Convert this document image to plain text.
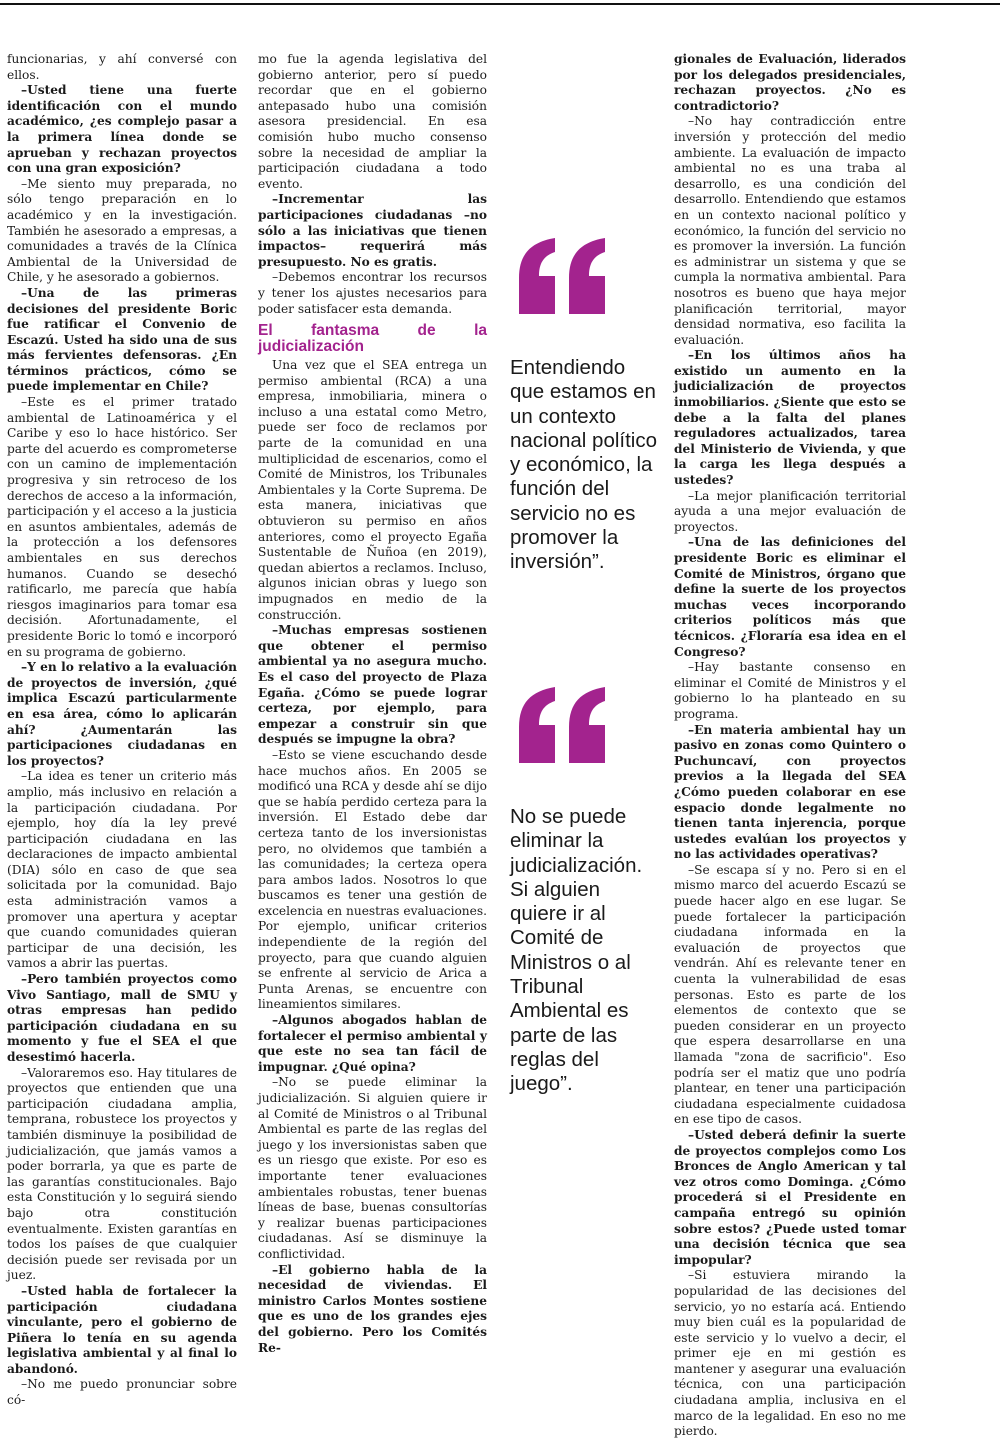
funcionarias, y ahí conversé con ellos.

–Usted tiene una fuerte identificación con el mundo académico, ¿es complejo pasar a la primera línea donde se aprueban y rechazan proyectos con una gran exposición?

–Me siento muy preparada, no sólo tengo preparación en lo académico y en la investigación. También he asesorado a empresas, a comunidades a través de la Clínica Ambiental de la Universidad de Chile, y he asesorado a gobiernos.

–Una de las primeras decisiones del presidente Boric fue ratificar el Convenio de Escazú. Usted ha sido una de sus más fervientes defensoras. ¿En términos prácticos, cómo se puede implementar en Chile?

–Este es el primer tratado ambiental de Latinoamérica y el Caribe y eso lo hace histórico. Ser parte del acuerdo es comprometerse con un camino de implementación progresiva y sin retroceso de los derechos de acceso a la información, participación y el acceso a la justicia en asuntos ambientales, además de la protección a los defensores ambientales en sus derechos humanos. Cuando se desechó ratificarlo, me parecía que había riesgos imaginarios para tomar esa decisión. Afortunadamente, el presidente Boric lo tomó e incorporó en su programa de gobierno.

–Y en lo relativo a la evaluación de proyectos de inversión, ¿qué implica Escazú particularmente en esa área, cómo lo aplicarán ahí? ¿Aumentarán las participaciones ciudadanas en los proyectos?

–La idea es tener un criterio más amplio, más inclusivo en relación a la participación ciudadana. Por ejemplo, hoy día la ley prevé participación ciudadana en las declaraciones de impacto ambiental (DIA) sólo en caso de que sea solicitada por la comunidad. Bajo esta administración vamos a promover una apertura y aceptar que cuando comunidades quieran participar de una decisión, les vamos a abrir las puertas.

–Pero también proyectos como Vivo Santiago, mall de SMU y otras empresas han pedido participación ciudadana en su momento y fue el SEA el que desestimó hacerla.

–Valoraremos eso. Hay titulares de proyectos que entienden que una participación ciudadana amplia, temprana, robustece los proyectos y también disminuye la posibilidad de judicialización, que jamás vamos a poder borrarla, ya que es parte de las garantías constitucionales. Bajo esta Constitución y lo seguirá siendo bajo otra constitución eventualmente. Existen garantías en todos los países de que cualquier decisión puede ser revisada por un juez.

–Usted habla de fortalecer la participación ciudadana vinculante, pero el gobierno de Piñera lo tenía en su agenda legislativa ambiental y al final lo abandonó.

–No me puedo pronunciar sobre có-

mo fue la agenda legislativa del gobierno anterior, pero sí puedo recordar que en el gobierno antepasado hubo una comisión asesora presidencial. En esa comisión hubo mucho consenso sobre la necesidad de ampliar la participación ciudadana a todo evento.

–Incrementar las participaciones ciudadanas –no sólo a las iniciativas que tienen impactos– requerirá más presupuesto. No es gratis.

–Debemos encontrar los recursos y tener los ajustes necesarios para poder satisfacer esta demanda.

El fantasma de la judicialización

Una vez que el SEA entrega un permiso ambiental (RCA) a una empresa, inmobiliaria, minera o incluso a una estatal como Metro, puede ser foco de reclamos por parte de la comunidad en una multiplicidad de escenarios, como el Comité de Ministros, los Tribunales Ambientales y la Corte Suprema. De esta manera, iniciativas que obtuvieron su permiso en años anteriores, como el proyecto Egaña Sustentable de Ñuñoa (en 2019), quedan abiertos a reclamos. Incluso, algunos inician obras y luego son impugnados en medio de la construcción.

–Muchas empresas sostienen que obtener el permiso ambiental ya no asegura mucho. Es el caso del proyecto de Plaza Egaña. ¿Cómo se puede lograr certeza, por ejemplo, para empezar a construir sin que después se impugne la obra?

–Esto se viene escuchando desde hace muchos años. En 2005 se modificó una RCA y desde ahí se dijo que se había perdido certeza para la inversión. El Estado debe dar certeza tanto de los inversionistas pero, no olvidemos que también a las comunidades; la certeza opera para ambos lados. Nosotros lo que buscamos es tener una gestión de excelencia en nuestras evaluaciones. Por ejemplo, unificar criterios independiente de la región del proyecto, para que cuando alguien se enfrente al servicio de Arica a Punta Arenas, se encuentre con lineamientos similares.

–Algunos abogados hablan de fortalecer el permiso ambiental y que este no sea tan fácil de impugnar. ¿Qué opina?

–No se puede eliminar la judicialización. Si alguien quiere ir al Comité de Ministros o al Tribunal Ambiental es parte de las reglas del juego y los inversionistas saben que es un riesgo que existe. Por eso es importante tener evaluaciones ambientales robustas, tener buenas líneas de base, buenas consultorías y realizar buenas participaciones ciudadanas. Así se disminuye la conflictividad.

–El gobierno habla de la necesidad de viviendas. El ministro Carlos Montes sostiene que es uno de los grandes ejes del gobierno. Pero los Comités Re-

Entendiendo que estamos en un contexto nacional político y económico, la función del servicio no es promover la inversión”.
No se puede eliminar la judicialización. Si alguien quiere ir al Comité de Ministros o al Tribunal Ambiental es parte de las reglas del juego”.

gionales de Evaluación, liderados por los delegados presidenciales, rechazan proyectos. ¿No es contradictorio?

–No hay contradicción entre inversión y protección del medio ambiente. La evaluación de impacto ambiental no es una traba al desarrollo, es una condición del desarrollo. Entendiendo que estamos en un contexto nacional político y económico, la función del servicio no es promover la inversión. La función es administrar un sistema y que se cumpla la normativa ambiental. Para nosotros es bueno que haya mejor planificación territorial, mayor densidad normativa, eso facilita la evaluación.

–En los últimos años ha existido un aumento en la judicialización de proyectos inmobiliarios. ¿Siente que esto se debe a la falta del planes reguladores actualizados, tarea del Ministerio de Vivienda, y que la carga les llega después a ustedes?

–La mejor planificación territorial ayuda a una mejor evaluación de proyectos.

–Una de las definiciones del presidente Boric es eliminar el Comité de Ministros, órgano que define la suerte de los proyectos muchas veces incorporando criterios políticos más que técnicos. ¿Floraría esa idea en el Congreso?

–Hay bastante consenso en eliminar el Comité de Ministros y el gobierno lo ha planteado en su programa.

–En materia ambiental hay un pasivo en zonas como Quintero o Puchuncaví, con proyectos previos a la llegada del SEA ¿Cómo pueden colaborar en ese espacio donde legalmente no tienen tanta injerencia, porque ustedes evalúan los proyectos y no las actividades operativas?

–Se escapa sí y no. Pero si en el mismo marco del acuerdo Escazú se puede hacer algo en ese lugar. Se puede fortalecer la participación ciudadana informada en la evaluación de proyectos que vendrán. Ahí es relevante tener en cuenta la vulnerabilidad de esas personas. Esto es parte de los elementos de contexto que se pueden considerar en un proyecto que espera desarrollarse en una llamada "zona de sacrificio". Eso podría ser el matiz que uno podría plantear, en tener una participación ciudadana especialmente cuidadosa en ese tipo de casos.

–Usted deberá definir la suerte de proyectos complejos como Los Bronces de Anglo American y tal vez otros como Dominga. ¿Cómo procederá si el Presidente en campaña entregó su opinión sobre estos? ¿Puede usted tomar una decisión técnica que sea impopular?

–Si estuviera mirando la popularidad de las decisiones del servicio, yo no estaría acá. Entiendo muy bien cuál es la popularidad de este servicio y lo vuelvo a decir, el primer eje en mi gestión es mantener y asegurar una evaluación técnica, con una participación ciudadana amplia, inclusiva en el marco de la legalidad. En eso no me pierdo.
